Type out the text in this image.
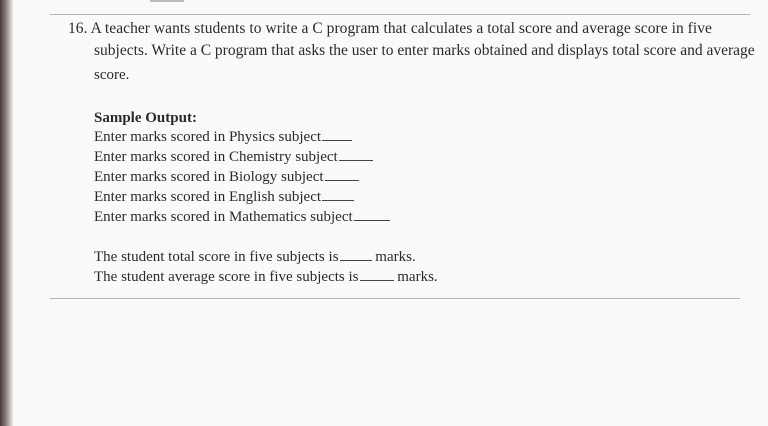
16. A teacher wants students to write a C program that calculates a total score and average score in five
subjects. Write a C program that asks the user to enter marks obtained and displays total score and average
score.
Sample Output:
Enter marks scored in Physics subject
Enter marks scored in Chemistry subject
Enter marks scored in Biology subject
Enter marks scored in English subject
Enter marks scored in Mathematics subject
The student total score in five subjects is marks.
The student average score in five subjects is	marks.
